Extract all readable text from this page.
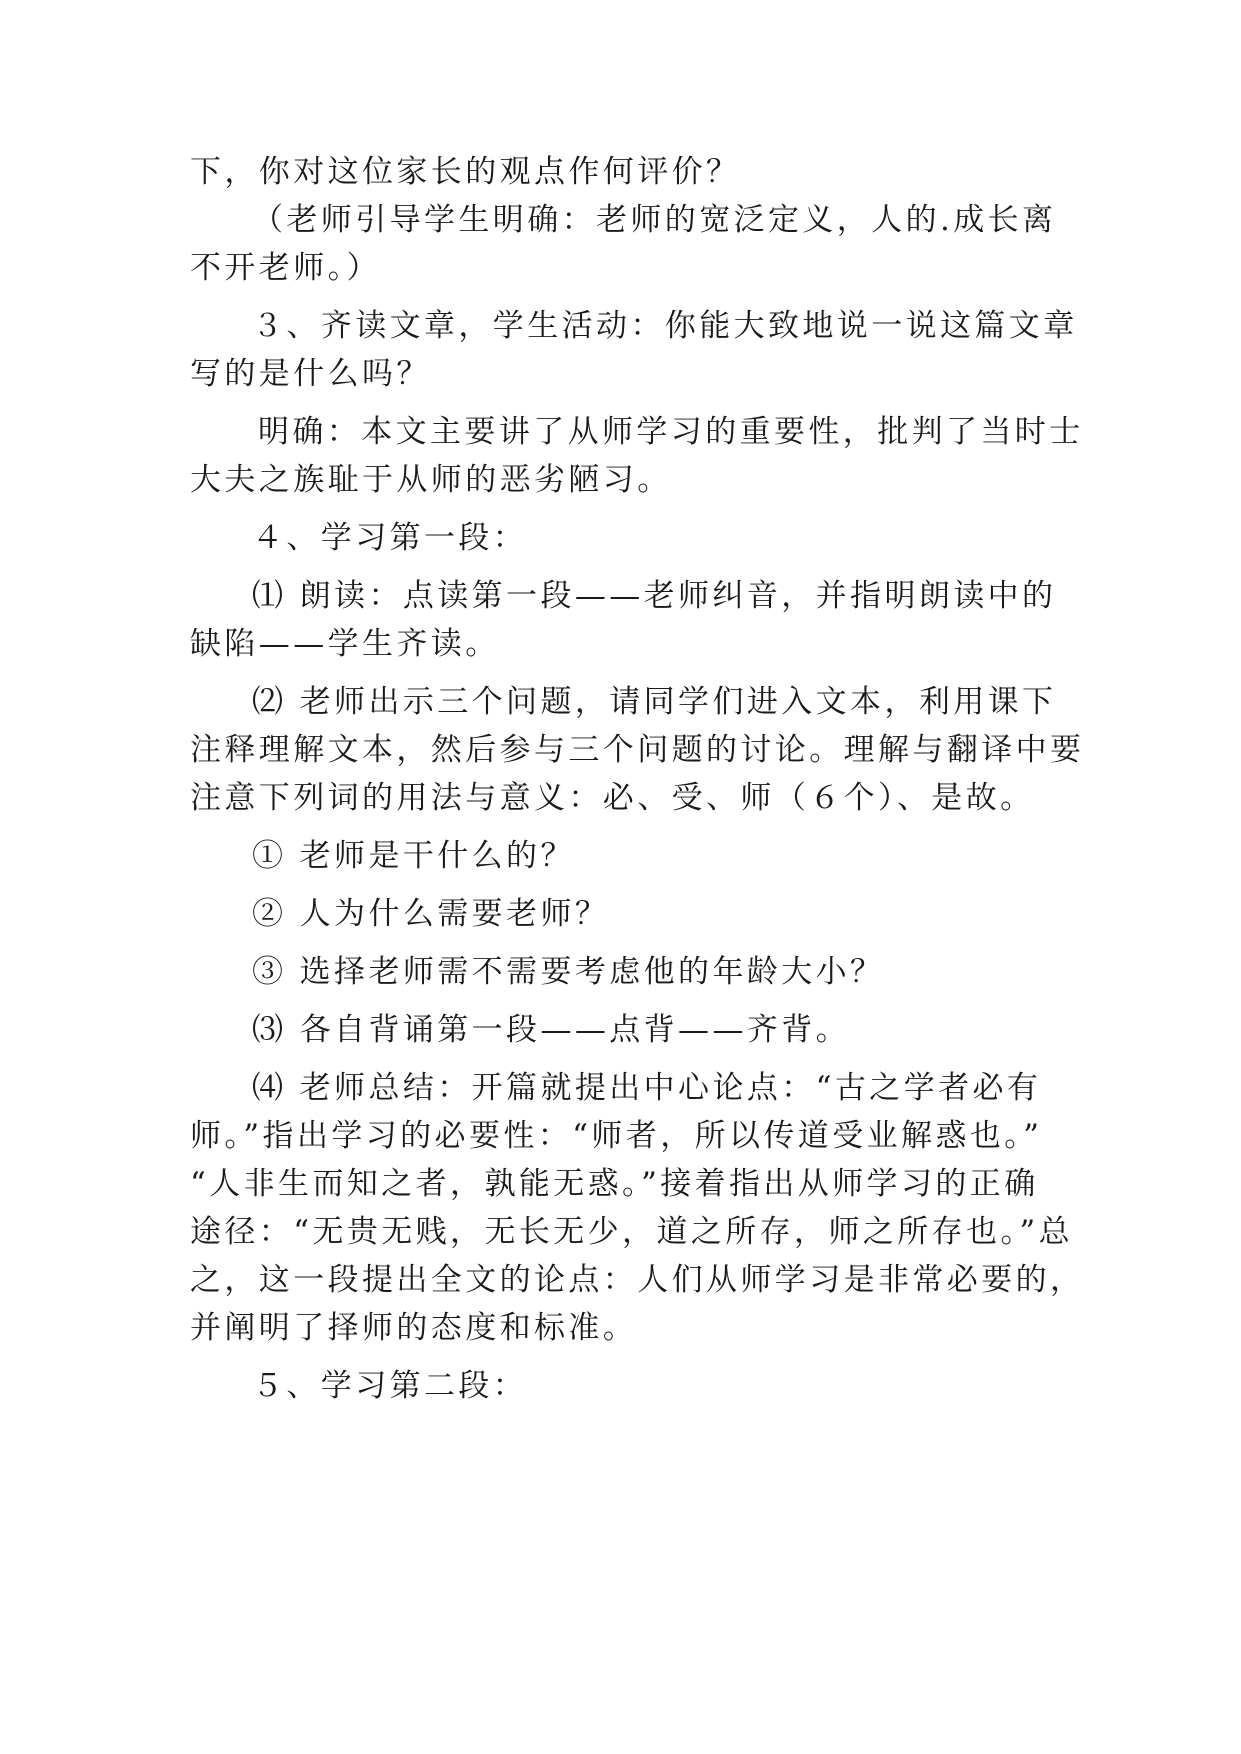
下，你对这位家长的观点作何评价？
（老师引导学生明确：老师的宽泛定义，人的.成长离
不开老师。）
３、齐读文章，学生活动：你能大致地说一说这篇文章
写的是什么吗？
明确：本文主要讲了从师学习的重要性，批判了当时士
大夫之族耻于从师的恶劣陋习。
４、学习第一段：
⑴ 朗读：点读第一段——老师纠音，并指明朗读中的
缺陷——学生齐读。
⑵ 老师出示三个问题，请同学们进入文本，利用课下
注释理解文本，然后参与三个问题的讨论。理解与翻译中要
注意下列词的用法与意义：必、受、师（６个）、是故。
① 老师是干什么的？
② 人为什么需要老师？
③ 选择老师需不需要考虑他的年龄大小？
⑶ 各自背诵第一段——点背——齐背。
⑷ 老师总结：开篇就提出中心论点：“古之学者必有
师。”指出学习的必要性：“师者，所以传道受业解惑也。”
“人非生而知之者，孰能无惑。”接着指出从师学习的正确
途径：“无贵无贱，无长无少，道之所存，师之所存也。”总
之，这一段提出全文的论点：人们从师学习是非常必要的，
并阐明了择师的态度和标准。
５、学习第二段：
